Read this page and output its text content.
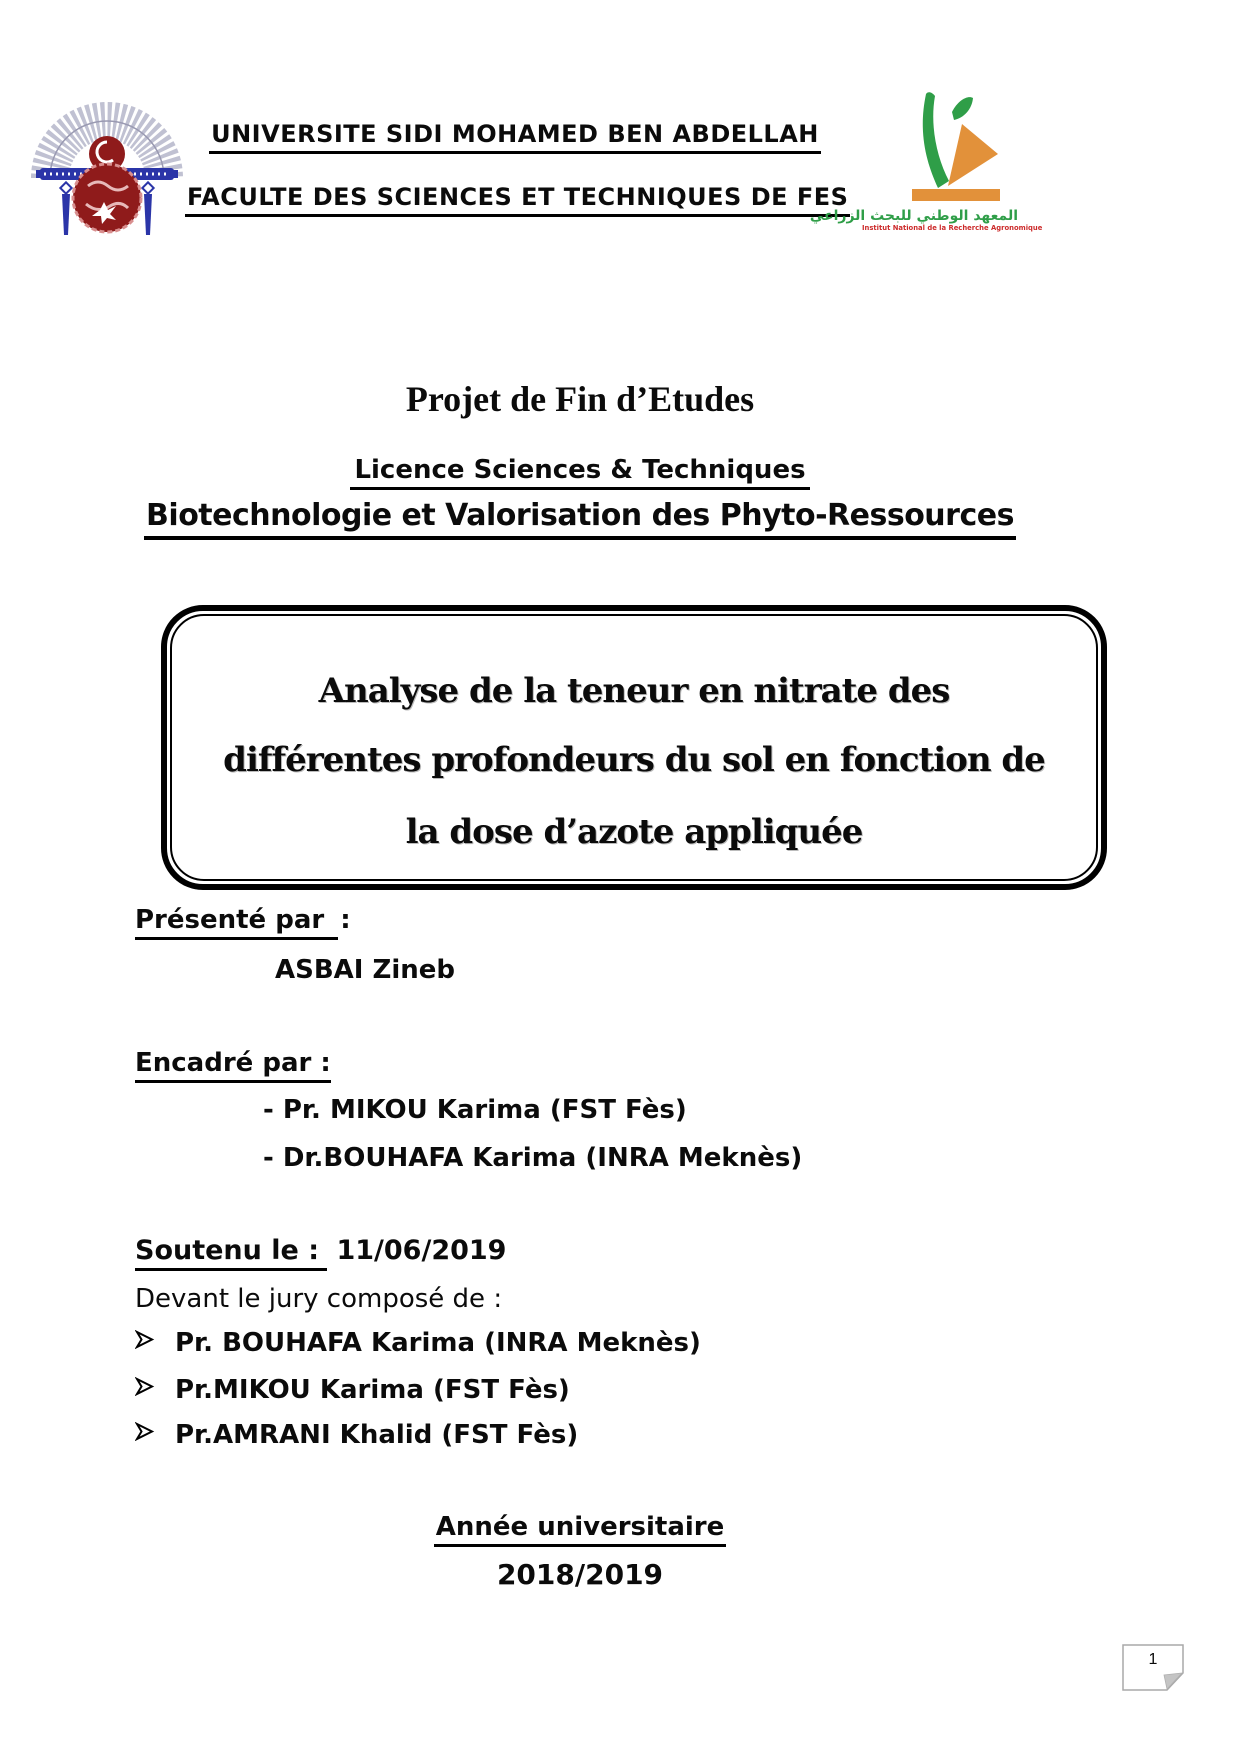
UNIVERSITE SIDI MOHAMED BEN ABDELLAH
FACULTE DES SCIENCES ET TECHNIQUES DE FES
المعهد الوطني للبحث الزراعي
Institut National de la Recherche Agronomique
Projet de Fin d’Etudes
Licence Sciences & Techniques
Biotechnologie et Valorisation des Phyto-Ressources
Analyse de la teneur en nitrate des
différentes profondeurs du sol en fonction de
la dose d’azote appliquée
Présenté par :
ASBAI Zineb
Encadré par :
- Pr. MIKOU Karima (FST Fès)
- Dr.BOUHAFA Karima (INRA Meknès)
Soutenu le : 11/06/2019
Devant le jury composé de :
Pr. BOUHAFA Karima (INRA Meknès)
Pr.MIKOU Karima (FST Fès)
Pr.AMRANI Khalid (FST Fès)
Année universitaire
2018/2019
1
